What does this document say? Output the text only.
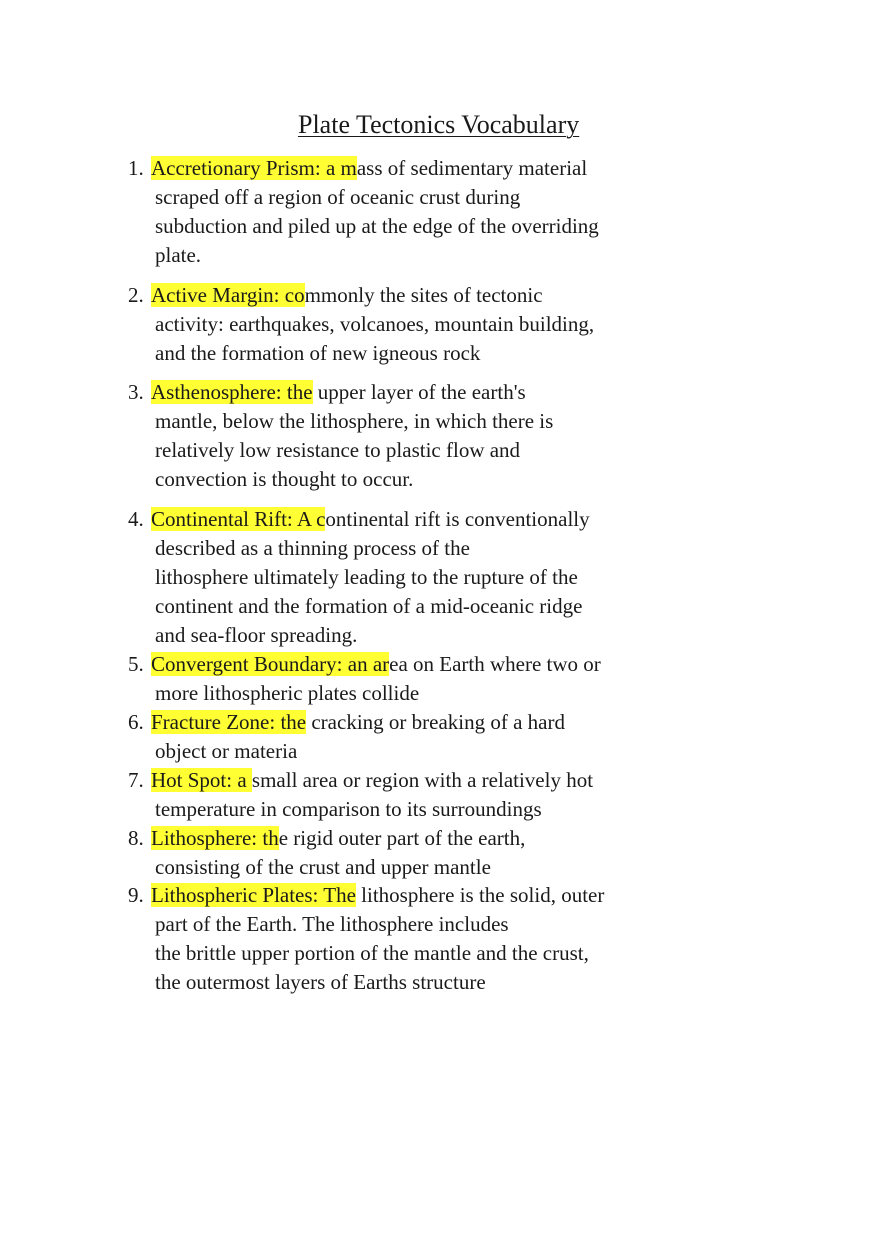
Plate Tectonics Vocabulary
1. Accretionary Prism: a mass of sedimentary material
scraped off a region of oceanic crust during
subduction and piled up at the edge of the overriding
plate.
2. Active Margin: commonly the sites of tectonic
activity: earthquakes, volcanoes, mountain building,
and the formation of new igneous rock
3. Asthenosphere: the upper layer of the earth's
mantle, below the lithosphere, in which there is
relatively low resistance to plastic flow and
convection is thought to occur.
4. Continental Rift: A continental rift is conventionally
described as a thinning process of the
lithosphere ultimately leading to the rupture of the
continent and the formation of a mid-oceanic ridge
and sea-floor spreading.
5. Convergent Boundary: an area on Earth where two or
more lithospheric plates collide
6. Fracture Zone: the cracking or breaking of a hard
object or materia
7. Hot Spot: a small area or region with a relatively hot
temperature in comparison to its surroundings
8. Lithosphere: the rigid outer part of the earth,
consisting of the crust and upper mantle
9. Lithospheric Plates: The lithosphere is the solid, outer
part of the Earth. The lithosphere includes
the brittle upper portion of the mantle and the crust,
the outermost layers of Earths structure
